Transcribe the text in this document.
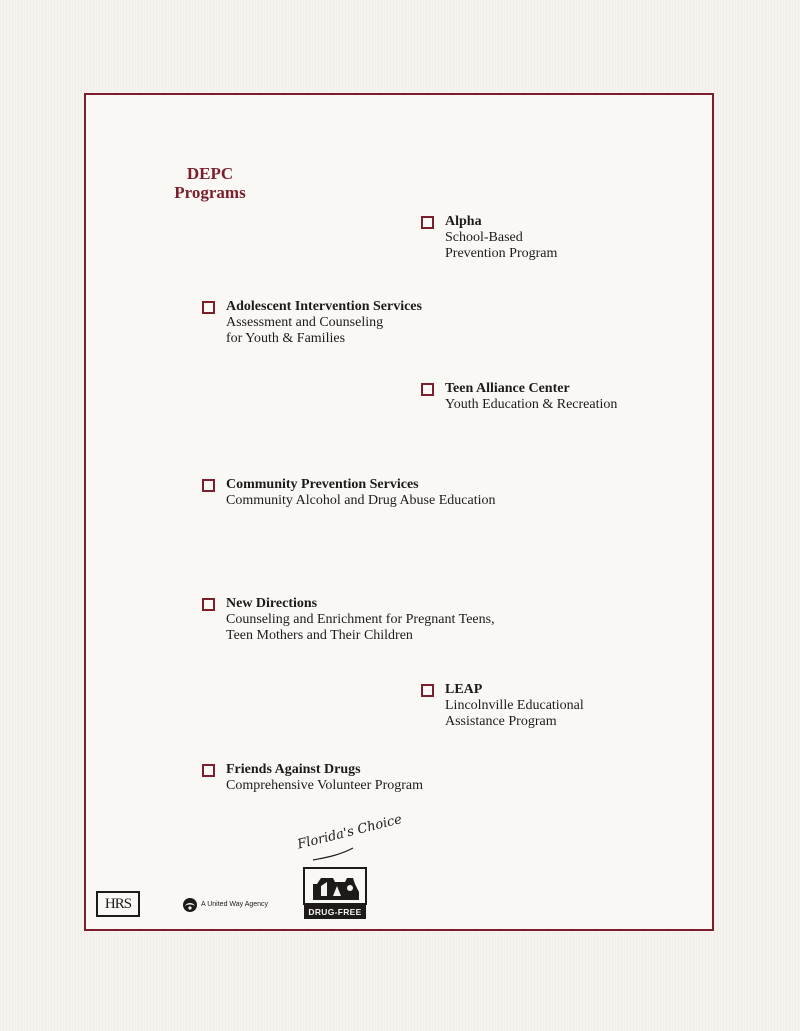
DEPC
Programs
Alpha
School-Based
Prevention Program
Adolescent Intervention Services
Assessment and Counseling
for Youth & Families
Teen Alliance Center
Youth Education & Recreation
Community Prevention Services
Community Alcohol and Drug Abuse Education
New Directions
Counseling and Enrichment for Pregnant Teens,
Teen Mothers and Their Children
LEAP
Lincolnville Educational
Assistance Program
Friends Against Drugs
Comprehensive Volunteer Program
HRS	A United Way Agency
Florida's Choice
DRUG-FREE
